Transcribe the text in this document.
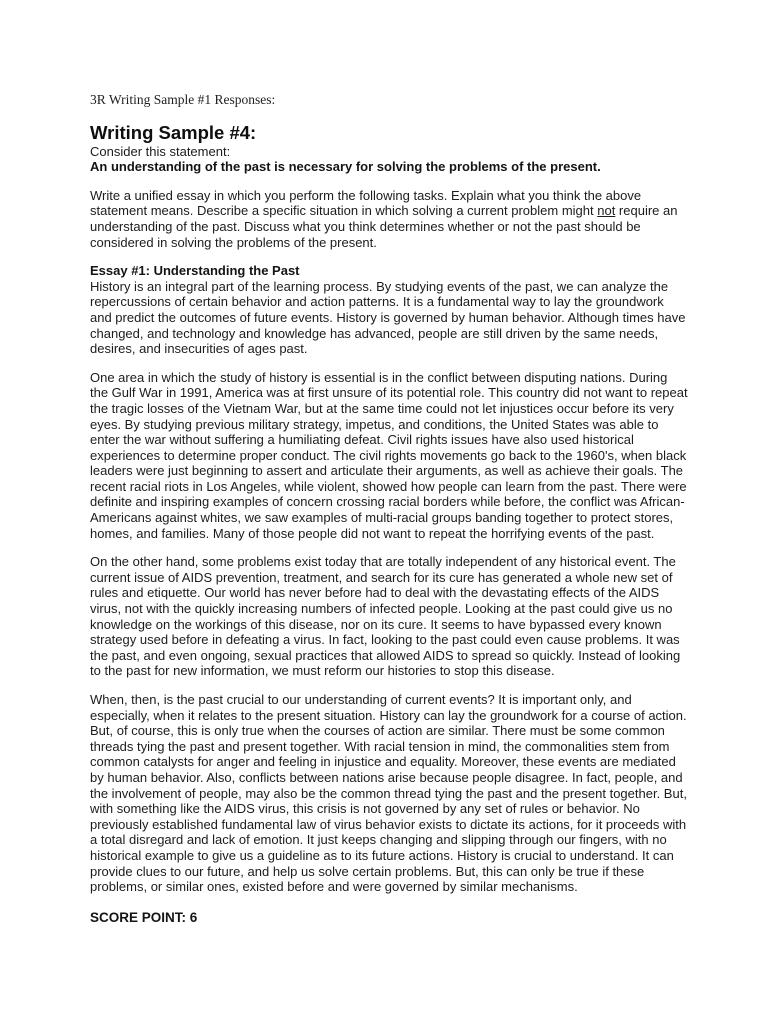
3R Writing Sample #1 Responses:

Writing Sample #4:

Consider this statement:

An understanding of the past is necessary for solving the problems of the present.

Write a unified essay in which you perform the following tasks. Explain what you think the above statement means. Describe a specific situation in which solving a current problem might not require an understanding of the past. Discuss what you think determines whether or not the past should be considered in solving the problems of the present.

Essay #1: Understanding the Past

History is an integral part of the learning process. By studying events of the past, we can analyze the repercussions of certain behavior and action patterns. It is a fundamental way to lay the groundwork and predict the outcomes of future events. History is governed by human behavior. Although times have changed, and technology and knowledge has advanced, people are still driven by the same needs, desires, and insecurities of ages past.

One area in which the study of history is essential is in the conflict between disputing nations. During the Gulf War in 1991, America was at first unsure of its potential role. This country did not want to repeat the tragic losses of the Vietnam War, but at the same time could not let injustices occur before its very eyes. By studying previous military strategy, impetus, and conditions, the United States was able to enter the war without suffering a humiliating defeat. Civil rights issues have also used historical experiences to determine proper conduct. The civil rights movements go back to the 1960's, when black leaders were just beginning to assert and articulate their arguments, as well as achieve their goals. The recent racial riots in Los Angeles, while violent, showed how people can learn from the past. There were definite and inspiring examples of concern crossing racial borders while before, the conflict was African-Americans against whites, we saw examples of multi-racial groups banding together to protect stores, homes, and families. Many of those people did not want to repeat the horrifying events of the past.

On the other hand, some problems exist today that are totally independent of any historical event. The current issue of AIDS prevention, treatment, and search for its cure has generated a whole new set of rules and etiquette. Our world has never before had to deal with the devastating effects of the AIDS virus, not with the quickly increasing numbers of infected people. Looking at the past could give us no knowledge on the workings of this disease, nor on its cure. It seems to have bypassed every known strategy used before in defeating a virus. In fact, looking to the past could even cause problems. It was the past, and even ongoing, sexual practices that allowed AIDS to spread so quickly. Instead of looking to the past for new information, we must reform our histories to stop this disease.

When, then, is the past crucial to our understanding of current events? It is important only, and especially, when it relates to the present situation. History can lay the groundwork for a course of action. But, of course, this is only true when the courses of action are similar. There must be some common threads tying the past and present together. With racial tension in mind, the commonalities stem from common catalysts for anger and feeling in injustice and equality. Moreover, these events are mediated by human behavior. Also, conflicts between nations arise because people disagree. In fact, people, and the involvement of people, may also be the common thread tying the past and the present together. But, with something like the AIDS virus, this crisis is not governed by any set of rules or behavior. No previously established fundamental law of virus behavior exists to dictate its actions, for it proceeds with a total disregard and lack of emotion. It just keeps changing and slipping through our fingers, with no historical example to give us a guideline as to its future actions. History is crucial to understand. It can provide clues to our future, and help us solve certain problems. But, this can only be true if these problems, or similar ones, existed before and were governed by similar mechanisms.

SCORE POINT: 6
